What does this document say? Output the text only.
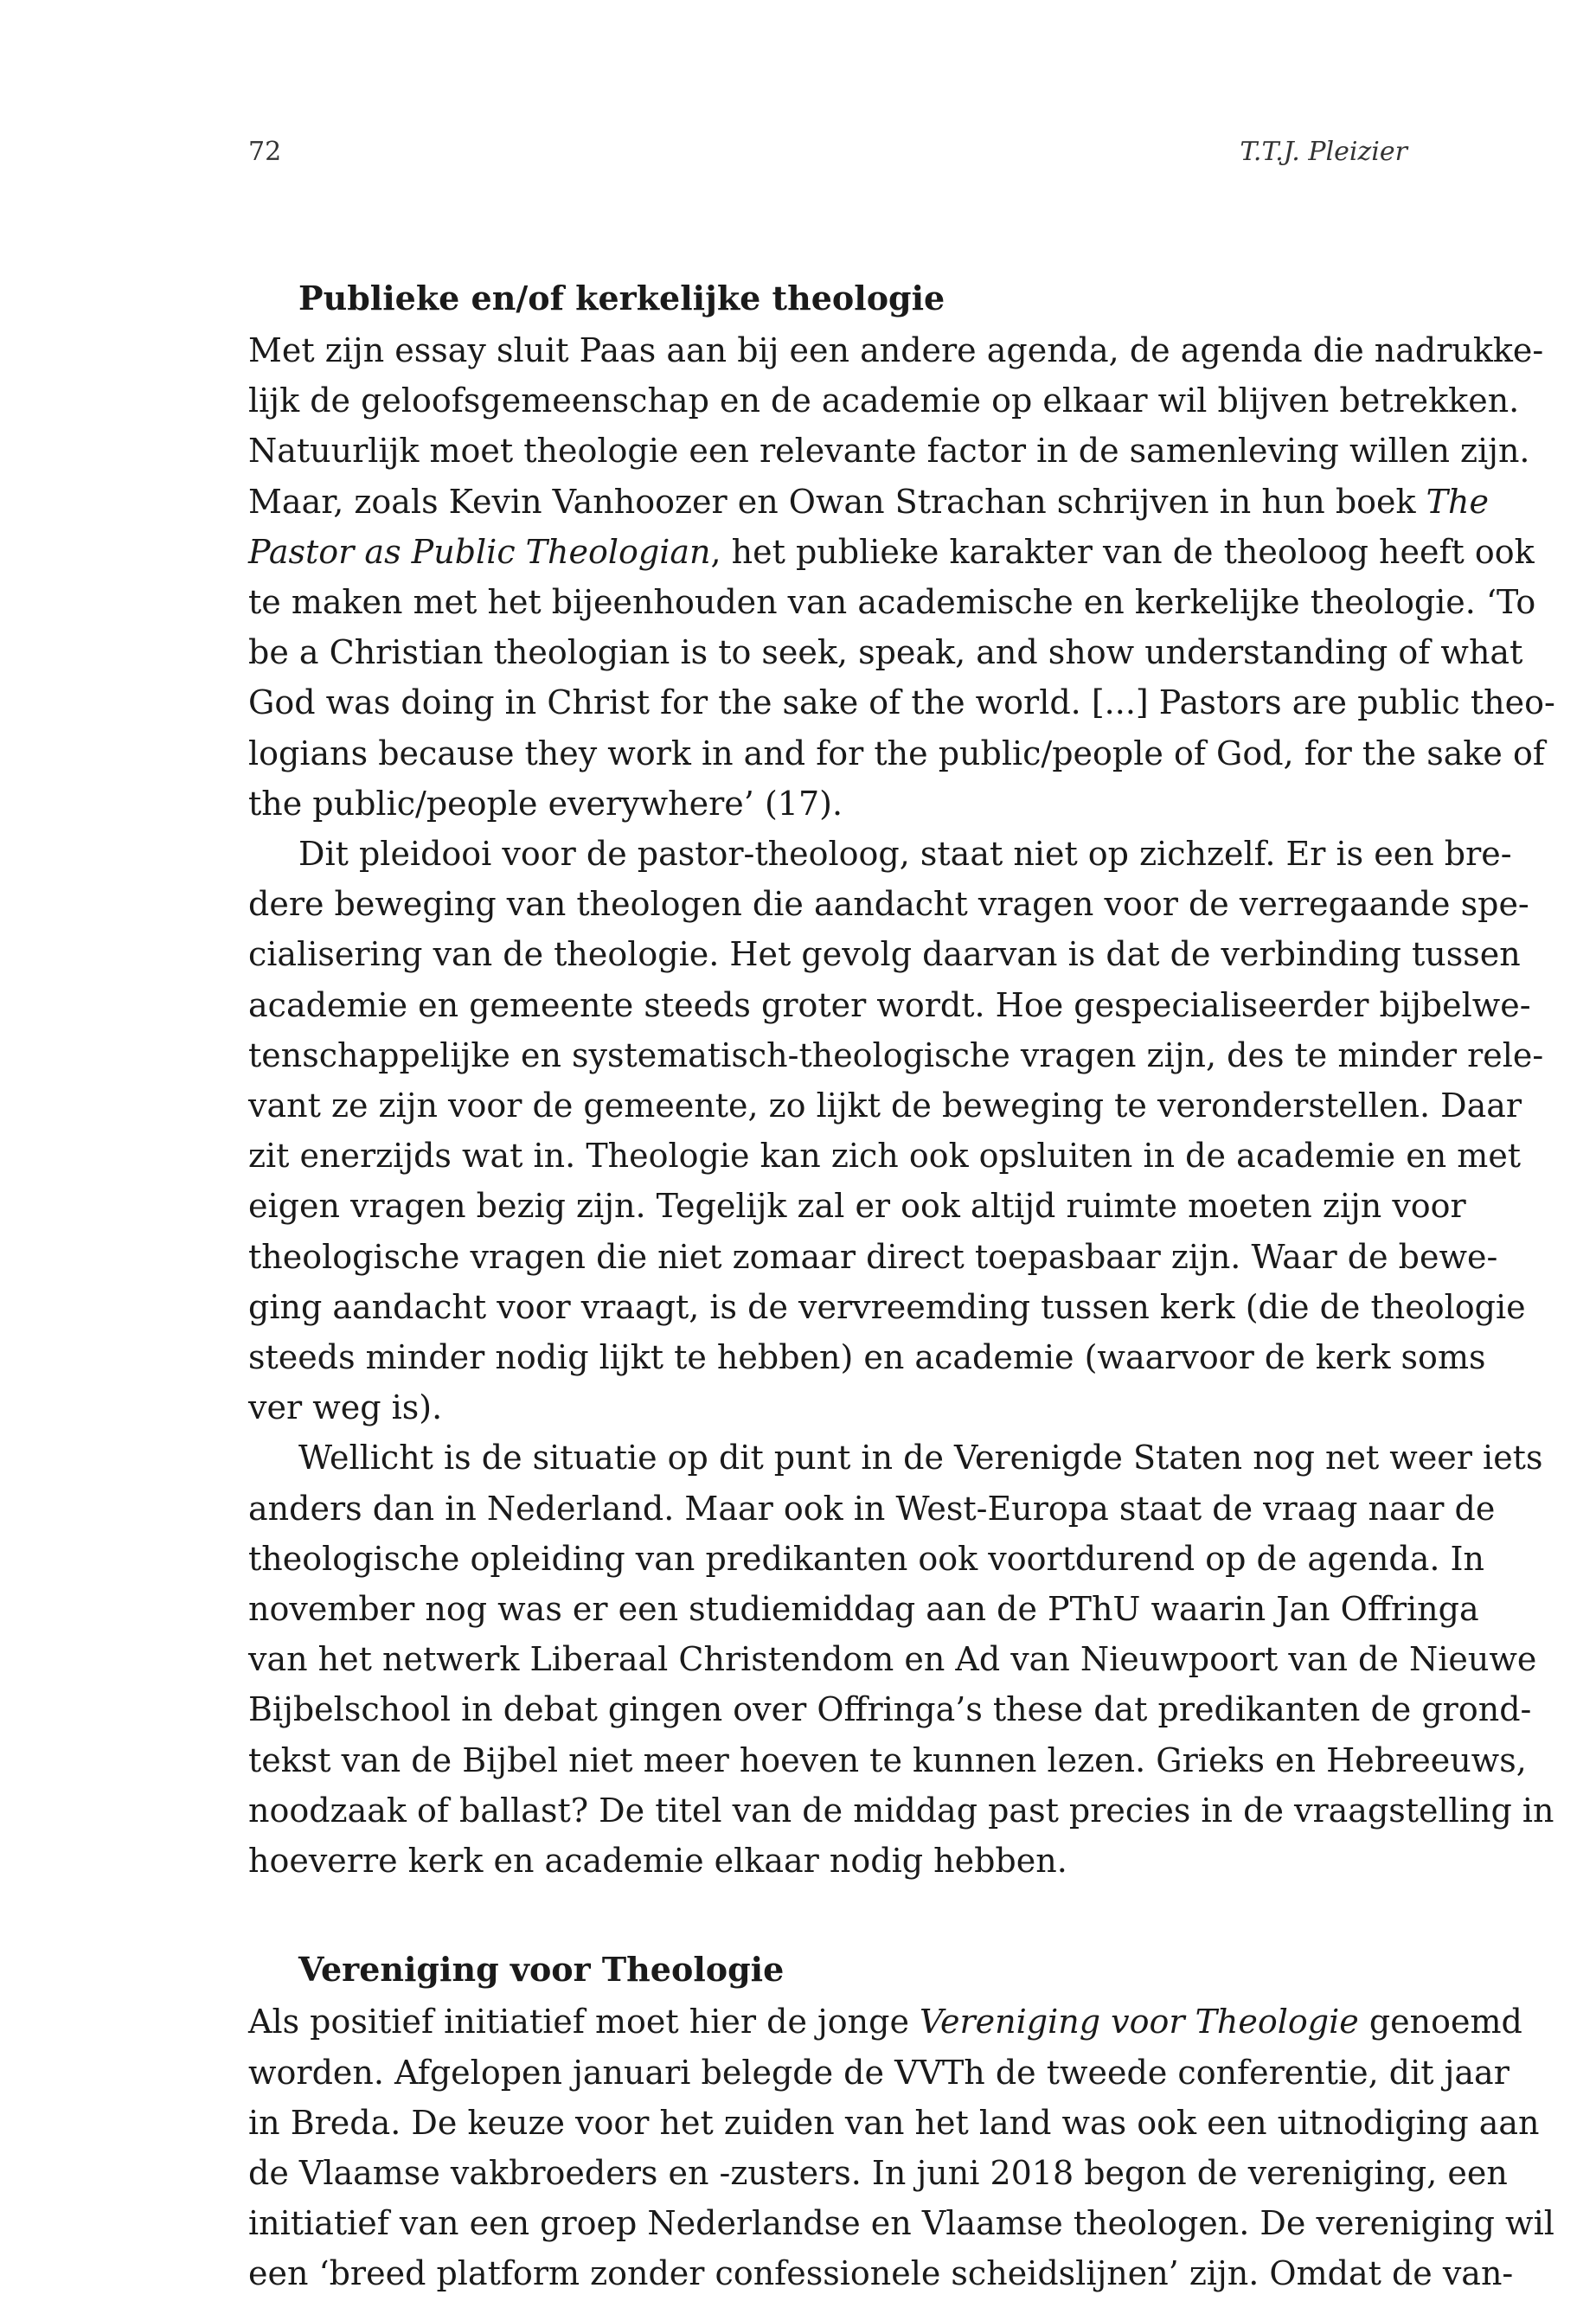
72	T.T.J. Pleizier
Publieke en/of kerkelijke theologie
Met zijn essay sluit Paas aan bij een andere agenda, de agenda die nadrukke-
lijk de geloofsgemeenschap en de academie op elkaar wil blijven betrekken.
Natuurlijk moet theologie een relevante factor in de samenleving willen zijn.
Maar, zoals Kevin Vanhoozer en Owan Strachan schrijven in hun boek The
Pastor as Public Theologian, het publieke karakter van de theoloog heeft ook
te maken met het bijeenhouden van academische en kerkelijke theologie. ‘To
be a Christian theologian is to seek, speak, and show understanding of what
God was doing in Christ for the sake of the world. [...] Pastors are public theo-
logians because they work in and for the public/people of God, for the sake of
the public/people everywhere’ (17).
Dit pleidooi voor de pastor-theoloog, staat niet op zichzelf. Er is een bre-
dere beweging van theologen die aandacht vragen voor de verregaande spe-
cialisering van de theologie. Het gevolg daarvan is dat de verbinding tussen
academie en gemeente steeds groter wordt. Hoe gespecialiseerder bijbelwe-
tenschappelijke en systematisch-theologische vragen zijn, des te minder rele-
vant ze zijn voor de gemeente, zo lijkt de beweging te veronderstellen. Daar
zit enerzijds wat in. Theologie kan zich ook opsluiten in de academie en met
eigen vragen bezig zijn. Tegelijk zal er ook altijd ruimte moeten zijn voor
theologische vragen die niet zomaar direct toepasbaar zijn. Waar de bewe-
ging aandacht voor vraagt, is de vervreemding tussen kerk (die de theologie
steeds minder nodig lijkt te hebben) en academie (waarvoor de kerk soms
ver weg is).
Wellicht is de situatie op dit punt in de Verenigde Staten nog net weer iets
anders dan in Nederland. Maar ook in West-Europa staat de vraag naar de
theologische opleiding van predikanten ook voortdurend op de agenda. In
november nog was er een studiemiddag aan de PThU waarin Jan Offringa
van het netwerk Liberaal Christendom en Ad van Nieuwpoort van de Nieuwe
Bijbelschool in debat gingen over Offringa’s these dat predikanten de grond-
tekst van de Bijbel niet meer hoeven te kunnen lezen. Grieks en Hebreeuws,
noodzaak of ballast? De titel van de middag past precies in de vraagstelling in
hoeverre kerk en academie elkaar nodig hebben.
Vereniging voor Theologie
Als positief initiatief moet hier de jonge Vereniging voor Theologie genoemd
worden. Afgelopen januari belegde de VVTh de tweede conferentie, dit jaar
in Breda. De keuze voor het zuiden van het land was ook een uitnodiging aan
de Vlaamse vakbroeders en -zusters. In juni 2018 begon de vereniging, een
initiatief van een groep Nederlandse en Vlaamse theologen. De vereniging wil
een ‘breed platform zonder confessionele scheidslijnen’ zijn. Omdat de van-
